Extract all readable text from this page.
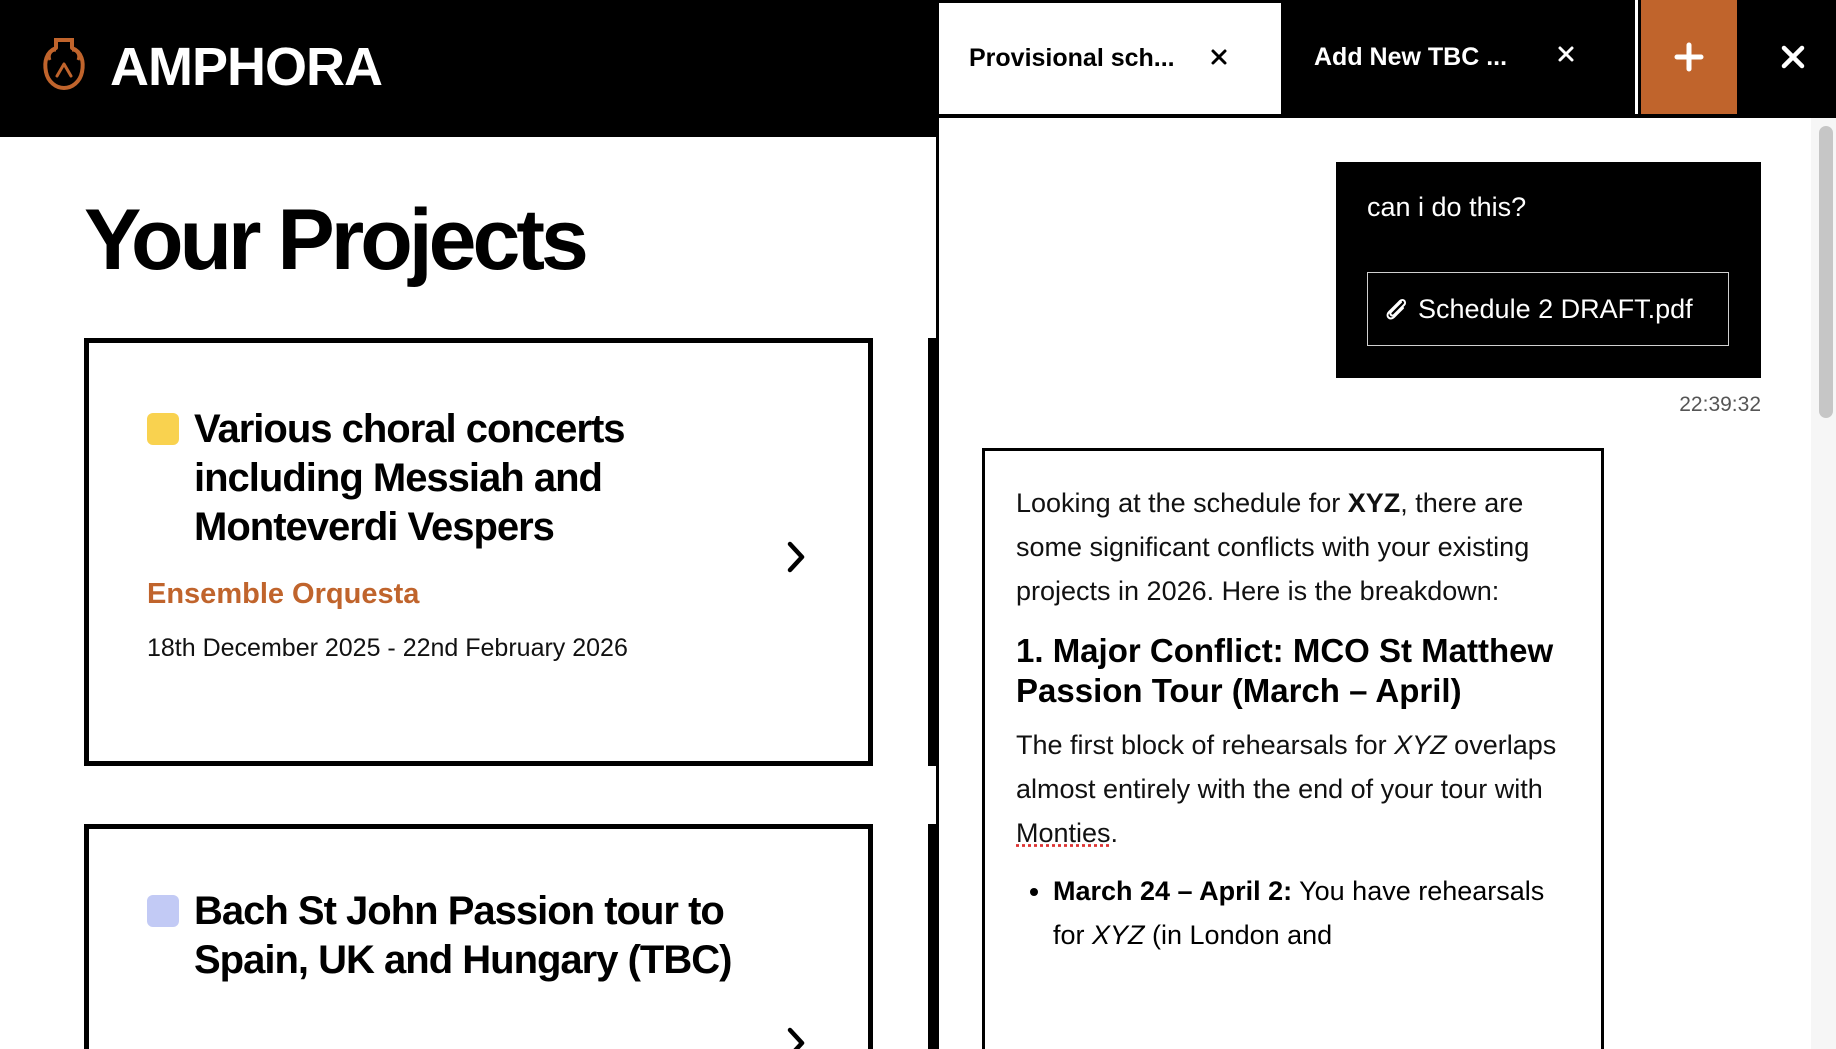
AMPHORA
Your Projects
Various choral concerts including Messiah and Monteverdi Vespers
Ensemble Orquesta
18th December 2025 - 22nd February 2026
Bach St John Passion tour to Spain, UK and Hungary (TBC)
Provisional sch...	Add New TBC ...
can i do this?
Schedule 2 DRAFT.pdf
22:39:32

Looking at the schedule for XYZ, there are some significant conflicts with your existing projects in 2026. Here is the breakdown:

1. Major Conflict: MCO St Matthew Passion Tour (March – April)

The first block of rehearsals for XYZ overlaps almost entirely with the end of your tour with Monties.

• March 24 – April 2: You have rehearsals for XYZ (in London and
